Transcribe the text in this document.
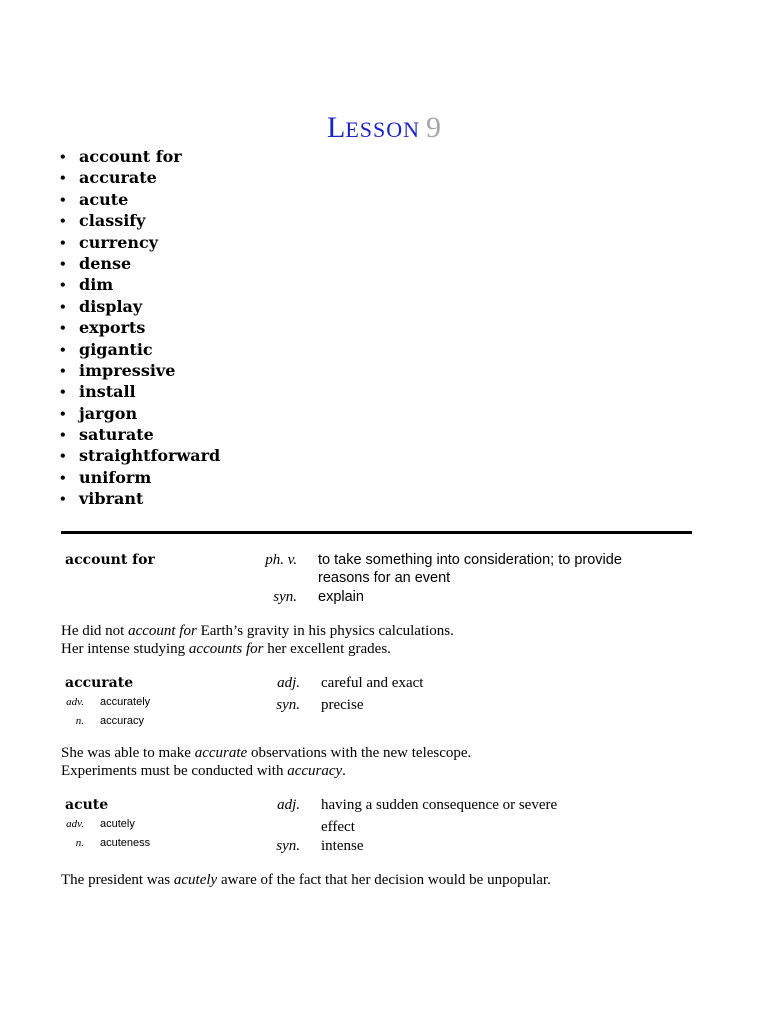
LESSON 9
• account for
• accurate
• acute
• classify
• currency
• dense
• dim
• display
• exports
• gigantic
• impressive
• install
• jargon
• saturate
• straightforward
• uniform
• vibrant
account for	ph. v. to take something into consideration; to provide
reasons for an event
syn. explain
He did not account for Earth’s gravity in his physics calculations.
Her intense studying accounts for her excellent grades.
accurate
adv. accurately
n. accuracy
adj. careful and exact
syn. precise
She was able to make accurate observations with the new telescope.
Experiments must be conducted with accuracy.
acute
adv. acutely
n. acuteness
adj. having a sudden consequence or severe
effect
syn. intense
The president was acutely aware of the fact that her decision would be unpopular.
